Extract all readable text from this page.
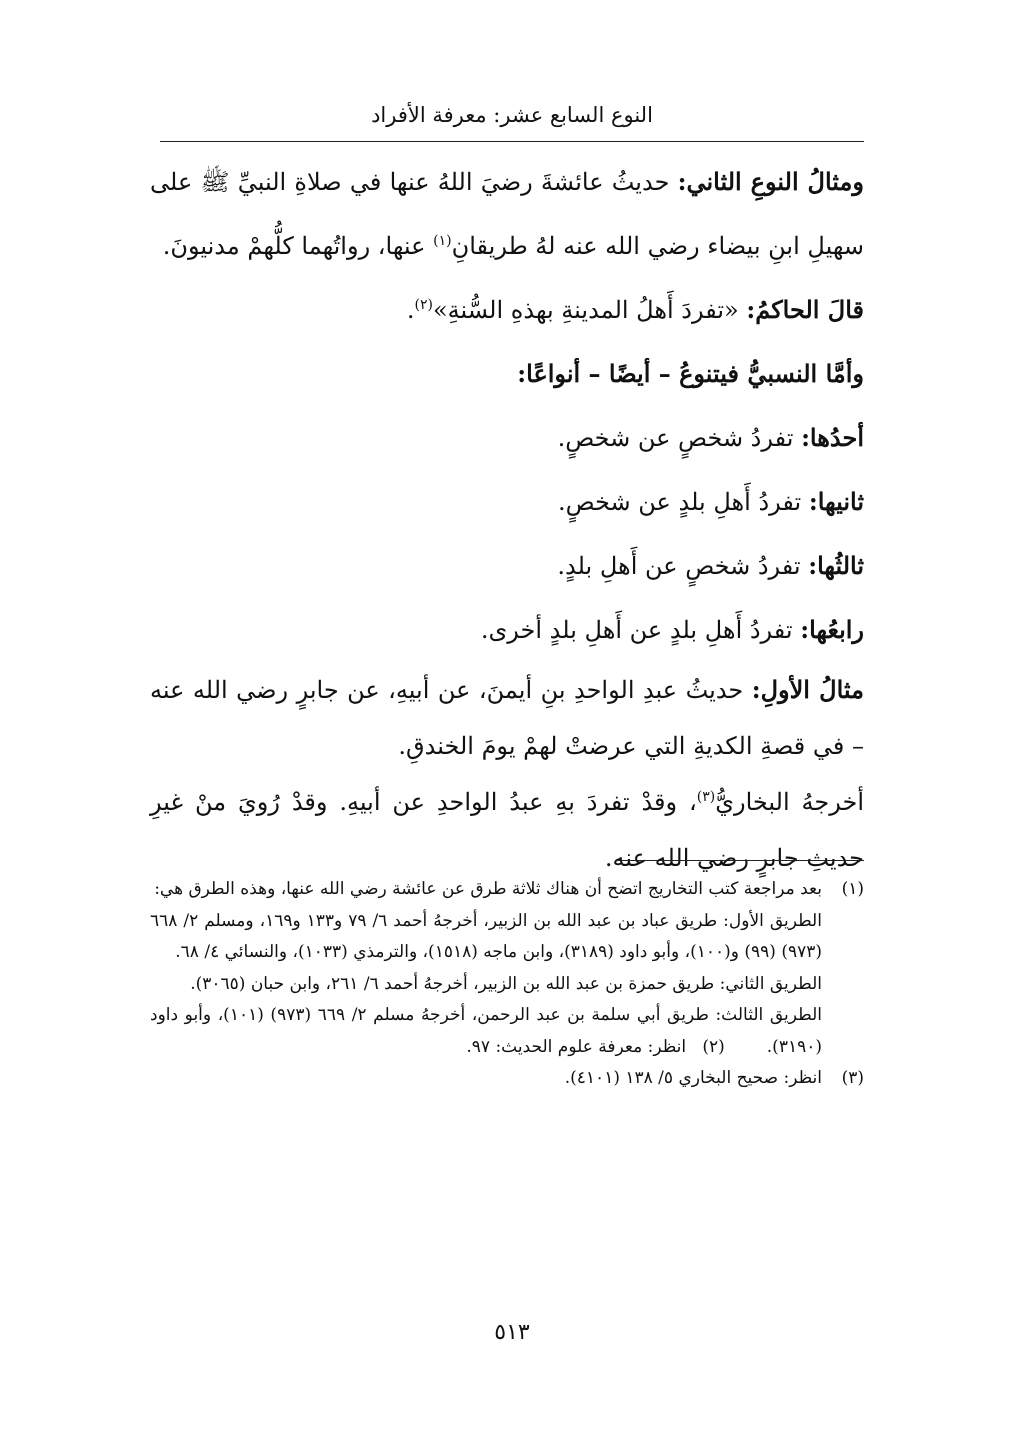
النوع السابع عشر: معرفة الأفراد

ومثالُ النوعِ الثاني: حديثُ عائشةَ رضيَ اللهُ عنها في صلاةِ النبيِّ ﷺ على سهيلِ ابنِ بيضاء رضي الله عنه لهُ طريقانِ$^{(١)}$ عنها، رواتُهما كلُّهمْ مدنيونَ.

قالَ الحاكمُ: «تفردَ أَهلُ المدينةِ بهذهِ السُّنةِ»$^{(٢)}$.

وأمَّا النسبيُّ فيتنوعُ – أيضًا – أنواعًا:

أحدُها: تفردُ شخصٍ عن شخصٍ.

ثانيها: تفردُ أَهلِ بلدٍ عن شخصٍ.

ثالثُها: تفردُ شخصٍ عن أَهلِ بلدٍ.

رابعُها: تفردُ أَهلِ بلدٍ عن أَهلِ بلدٍ أخرى.

مثالُ الأولِ: حديثُ عبدِ الواحدِ بنِ أيمنَ، عن أبيهِ، عن جابرٍ رضي الله عنه – في قصةِ الكديةِ التي عرضتْ لهمْ يومَ الخندقِ.

أخرجهُ البخاريُّ$^{(٣)}$، وقدْ تفردَ بهِ عبدُ الواحدِ عن أبيهِ. وقدْ رُويَ منْ غيرِ حديثِ جابرٍ رضي الله عنه.

(١)
بعد مراجعة كتب التخاريج اتضح أن هناك ثلاثة طرق عن عائشة رضي الله عنها، وهذه الطرق هي:
الطريق الأول: طريق عباد بن عبد الله بن الزبير، أخرجهُ أحمد ٦/ ٧٩ و١٣٣ و١٦٩، ومسلم ٢/ ٦٦٨ (٩٧٣) (٩٩) و(١٠٠)، وأبو داود (٣١٨٩)، وابن ماجه (١٥١٨)، والترمذي (١٠٣٣)، والنسائي ٤/ ٦٨.
الطريق الثاني: طريق حمزة بن عبد الله بن الزبير، أخرجهُ أحمد ٦/ ٢٦١، وابن حبان (٣٠٦٥).
الطريق الثالث: طريق أبي سلمة بن عبد الرحمن، أخرجهُ مسلم ٢/ ٦٦٩ (٩٧٣) (١٠١)، وأبو داود (٣١٩٠).(٢)   انظر: معرفة علوم الحديث: ٩٧.
(٣)
انظر: صحيح البخاري ٥/ ١٣٨ (٤١٠١).
٥١٣
